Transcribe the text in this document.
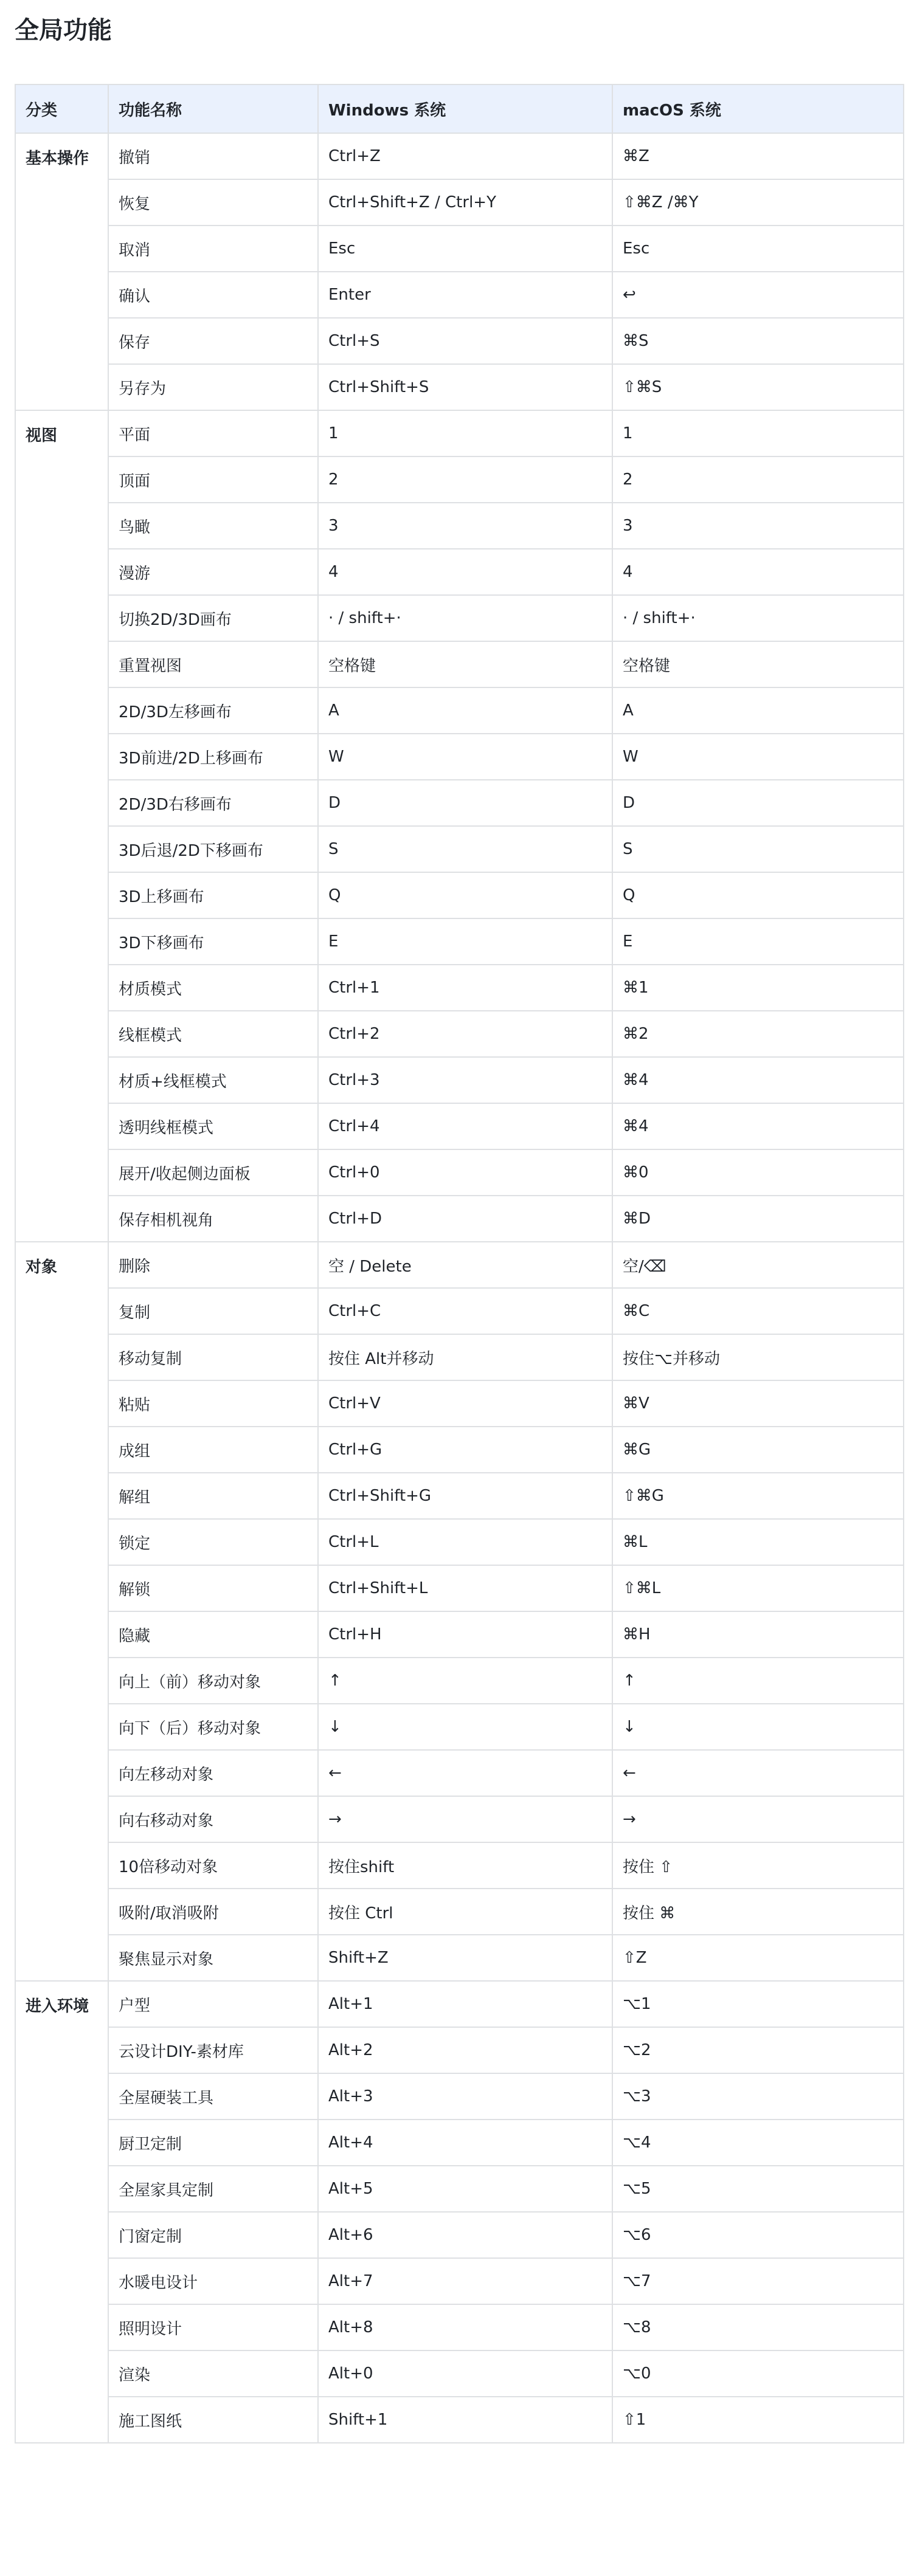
全局功能
分类	功能名称	Windows 系统	macOS 系统
基本操作	撤销	Ctrl+Z	⌘Z
	恢复	Ctrl+Shift+Z / Ctrl+Y	⇧⌘Z /⌘Y
	取消	Esc	Esc
	确认	Enter	↩
	保存	Ctrl+S	⌘S
	另存为	Ctrl+Shift+S	⇧⌘S
视图	平面	1	1
	顶面	2	2
	鸟瞰	3	3
	漫游	4	4
	切换2D/3D画布	· / shift+·	· / shift+·
	重置视图	空格键	空格键
	2D/3D左移画布	A	A
	3D前进/2D上移画布	W	W
	2D/3D右移画布	D	D
	3D后退/2D下移画布	S	S
	3D上移画布	Q	Q
	3D下移画布	E	E
	材质模式	Ctrl+1	⌘1
	线框模式	Ctrl+2	⌘2
	材质+线框模式	Ctrl+3	⌘4
	透明线框模式	Ctrl+4	⌘4
	展开/收起侧边面板	Ctrl+0	⌘0
	保存相机视角	Ctrl+D	⌘D
对象	删除	空 / Delete	空/⌫
	复制	Ctrl+C	⌘C
	移动复制	按住 Alt并移动	按住⌥并移动
	粘贴	Ctrl+V	⌘V
	成组	Ctrl+G	⌘G
	解组	Ctrl+Shift+G	⇧⌘G
	锁定	Ctrl+L	⌘L
	解锁	Ctrl+Shift+L	⇧⌘L
	隐藏	Ctrl+H	⌘H
	向上（前）移动对象	↑	↑
	向下（后）移动对象	↓	↓
	向左移动对象	←	←
	向右移动对象	→	→
	10倍移动对象	按住shift	按住 ⇧
	吸附/取消吸附	按住 Ctrl	按住 ⌘
	聚焦显示对象	Shift+Z	⇧Z
进入环境	户型	Alt+1	⌥1
	云设计DIY-素材库	Alt+2	⌥2
	全屋硬装工具	Alt+3	⌥3
	厨卫定制	Alt+4	⌥4
	全屋家具定制	Alt+5	⌥5
	门窗定制	Alt+6	⌥6
	水暖电设计	Alt+7	⌥7
	照明设计	Alt+8	⌥8
	渲染	Alt+0	⌥0
	施工图纸	Shift+1	⇧1
